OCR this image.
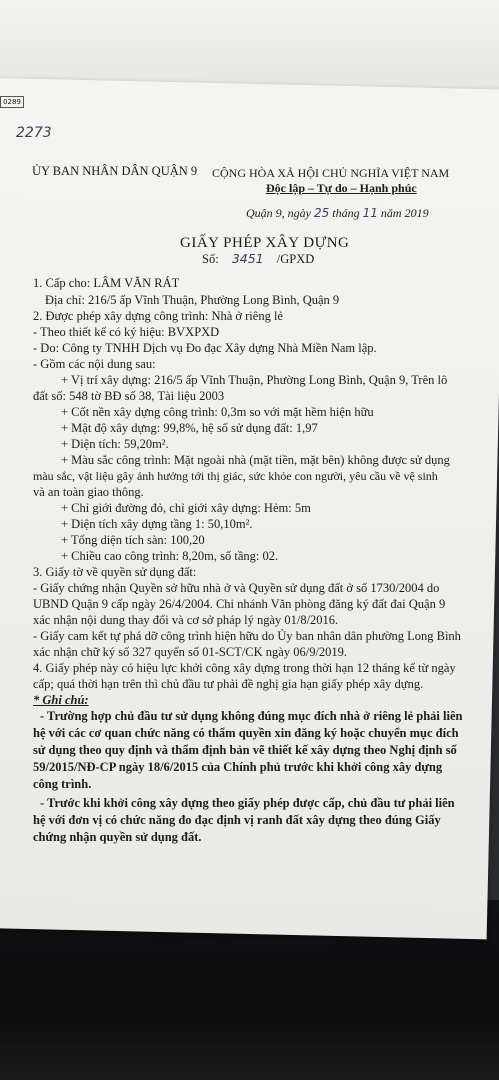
0289
2273
ỦY BAN NHÂN DÂN QUẬN 9 CỘNG HÒA XÃ HỘI CHỦ NGHĨA VIỆT NAM
Độc lập – Tự do – Hạnh phúc
Quận 9, ngày 25 tháng 11 năm 2019
GIẤY PHÉP XÂY DỰNG
Số: 3451 /GPXD
1. Cấp cho: LÂM VĂN RÁT
Địa chỉ: 216/5 ấp Vĩnh Thuận, Phường Long Bình, Quận 9
2. Được phép xây dựng công trình: Nhà ở riêng lẻ
- Theo thiết kế có ký hiệu: BVXPXD
- Do: Công ty TNHH Dịch vụ Đo đạc Xây dựng Nhà Miền Nam lập.
- Gồm các nội dung sau:
+ Vị trí xây dựng: 216/5 ấp Vĩnh Thuận, Phường Long Bình, Quận 9, Trên lô
đất số: 548 tờ BĐ số 38, Tài liệu 2003
+ Cốt nền xây dựng công trình: 0,3m so với mặt hềm hiện hữu
+ Mật độ xây dựng: 99,8%, hệ số sử dụng đất: 1,97
+ Diện tích: 59,20m².
+ Màu sắc công trình: Mặt ngoài nhà (mặt tiền, mặt bên) không được sử dụng
màu sắc, vật liệu gây ảnh hưởng tới thị giác, sức khỏe con người, yêu cầu về vệ sinh
và an toàn giao thông.
+ Chỉ giới đường đỏ, chỉ giới xây dựng: Hẻm: 5m
+ Diện tích xây dựng tầng 1: 50,10m².
+ Tổng diện tích sàn: 100,20
+ Chiều cao công trình: 8,20m, số tầng: 02.
3. Giấy tờ về quyền sử dụng đất:
- Giấy chứng nhận Quyền sở hữu nhà ở và Quyền sử dụng đất ở số 1730/2004 do
UBND Quận 9 cấp ngày 26/4/2004. Chi nhánh Văn phòng đăng ký đất đai Quận 9
xác nhận nội dung thay đổi và cơ sở pháp lý ngày 01/8/2016.
- Giấy cam kết tự phá dỡ công trình hiện hữu do Ủy ban nhân dân phường Long Bình
xác nhận chữ ký số 327 quyển số 01-SCT/CK ngày 06/9/2019.
4. Giấy phép này có hiệu lực khởi công xây dựng trong thời hạn 12 tháng kể từ ngày
cấp; quá thời hạn trên thì chủ đầu tư phải đề nghị gia hạn giấy phép xây dựng.
* Ghi chú:
- Trường hợp chủ đầu tư sử dụng không đúng mục đích nhà ở riêng lẻ phải liên
hệ với các cơ quan chức năng có thẩm quyền xin đăng ký hoặc chuyển mục đích
sử dụng theo quy định và thẩm định bản vẽ thiết kế xây dựng theo Nghị định số
59/2015/NĐ-CP ngày 18/6/2015 của Chính phủ trước khi khởi công xây dựng
công trình.
- Trước khi khởi công xây dựng theo giấy phép được cấp, chủ đầu tư phải liên
hệ với đơn vị có chức năng đo đạc định vị ranh đất xây dựng theo đúng Giấy
chứng nhận quyền sử dụng đất.
